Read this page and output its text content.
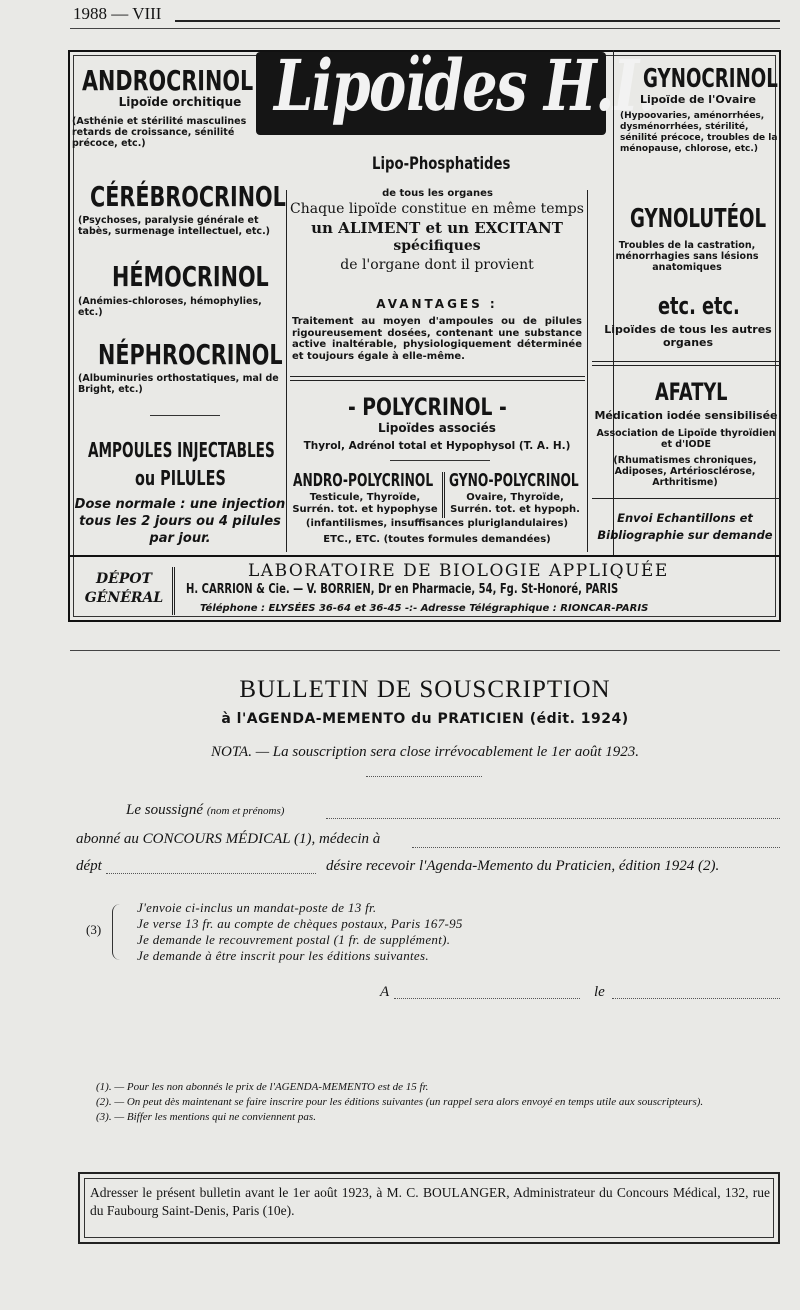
1988 — VIII
Lipoïdes H.I.
ANDROCRINOL
Lipoïde orchitique
(Asthénie et stérilité masculines retards de croissance, sénilité précoce, etc.)
CÉRÉBROCRINOL
(Psychoses, paralysie générale et tabès, surmenage intellectuel, etc.)
HÉMOCRINOL
(Anémies-chloroses, hémophylies, etc.)
NÉPHROCRINOL
(Albuminuries orthostatiques, mal de Bright, etc.)
AMPOULES INJECTABLES
ou PILULES
Dose normale : une injection
tous les 2 jours ou 4 pilules
par jour.
Lipo-Phosphatides
de tous les organes
Chaque lipoïde constitue en même temps
un ALIMENT et un EXCITANT
spécifiques
de l'organe dont il provient
AVANTAGES :
Traitement au moyen d'ampoules ou de pilules rigoureusement dosées, contenant une substance active inaltérable, physiologiquement déterminée et toujours égale à elle-même.
- POLYCRINOL -
Lipoïdes associés
Thyrol, Adrénol total et Hypophysol (T. A. H.)
ANDRO-POLYCRINOL GYNO-POLYCRINOL
Testicule, Thyroïde, Surrén. tot. et hypophyse
Ovaire, Thyroïde, Surrén. tot. et hypoph.
(infantilismes, insuffisances pluriglandulaires)
ETC., ETC. (toutes formules demandées)
GYNOCRINOL
Lipoïde de l'Ovaire
(Hypoovaries, aménorrhées, dysménorrhées, stérilité, sénilité précoce, troubles de la ménopause, chlorose, etc.)
GYNOLUTÉOL
Troubles de la castration, ménorrhagies sans lésions anatomiques
etc. etc.
Lipoïdes de tous les autres organes
AFATYL
Médication iodée sensibilisée
Association de Lipoïde thyroïdien et d'IODE
(Rhumatismes chroniques, Adiposes, Artériosclérose, Arthritisme)
Envoi Echantillons et
Bibliographie sur demande
DÉPOT
GÉNÉRAL
LABORATOIRE DE BIOLOGIE APPLIQUÉE
H. CARRION & Cie. — V. BORRIEN, Dr en Pharmacie, 54, Fg. St-Honoré, PARIS
Téléphone : ELYSÉES 36-64 et 36-45 -:- Adresse Télégraphique : RIONCAR-PARIS
BULLETIN DE SOUSCRIPTION
à l'AGENDA-MEMENTO du PRATICIEN (édit. 1924)
NOTA. — La souscription sera close irrévocablement le 1er août 1923.
Le soussigné (nom et prénoms)
abonné au CONCOURS MÉDICAL (1), médecin à
dépt	désire recevoir l'Agenda-Memento du Praticien, édition 1924 (2).
(3)
J'envoie ci-inclus un mandat-poste de 13 fr.
Je verse 13 fr. au compte de chèques postaux, Paris 167-95
Je demande le recouvrement postal (1 fr. de supplément).
Je demande à être inscrit pour les éditions suivantes.
A	le
(1). — Pour les non abonnés le prix de l'AGENDA-MEMENTO est de 15 fr.
(2). — On peut dès maintenant se faire inscrire pour les éditions suivantes (un rappel sera alors envoyé en temps utile aux souscripteurs).
(3). — Biffer les mentions qui ne conviennent pas.
Adresser le présent bulletin avant le 1er août 1923, à M. C. BOULANGER, Administrateur du Concours Médical, 132, rue du Faubourg Saint-Denis, Paris (10e).
